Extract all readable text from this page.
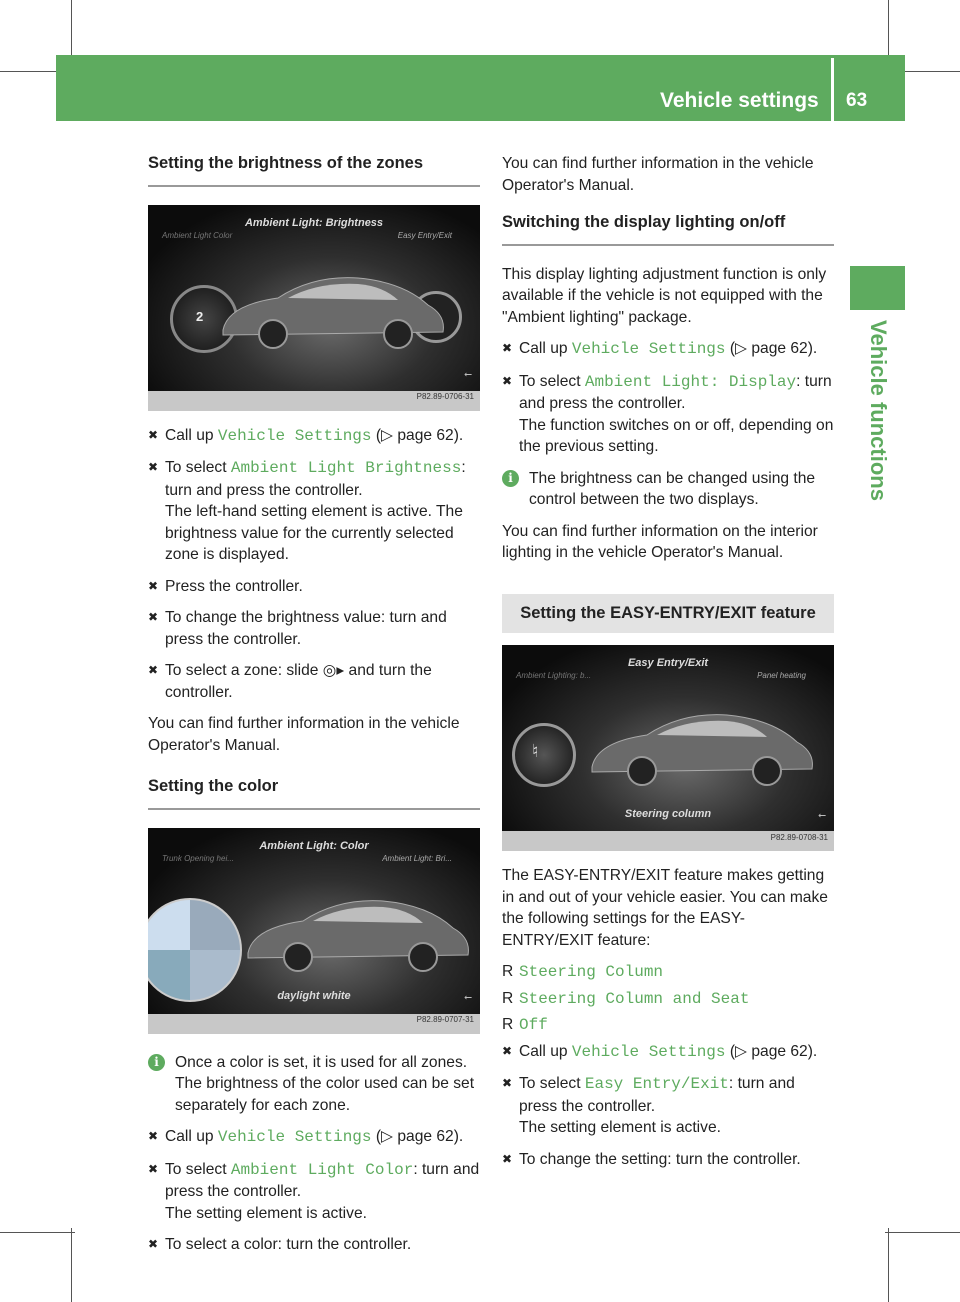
Vehicle settings 63
Vehicle functions
Setting the brightness of the zones
Ambient Light: Brightness
Ambient Light Color	Easy Entry/Exit
2
⭠
P82.89-0706-31
✖ Call up Vehicle Settings (▷ page 62).
✖ To select Ambient Light Brightness:
turn and press the controller.
The left-hand setting element is active. The brightness value for the currently selected zone is displayed.
✖ Press the controller.
✖ To change the brightness value: turn and press the controller.
✖ To select a zone: slide ◎▸ and turn the controller.

You can find further information in the vehicle Operator's Manual.

Setting the color
Ambient Light: Color
Trunk Opening hei...	Ambient Light: Bri...
daylight white	⭠
P82.89-0707-31
i	Once a color is set, it is used for all zones. The brightness of the color used can be set separately for each zone.
✖ Call up Vehicle Settings (▷ page 62).
✖ To select Ambient Light Color: turn and press the controller.
The setting element is active.
✖ To select a color: turn the controller.

You can find further information in the vehicle Operator's Manual.

Switching the display lighting on/off

This display lighting adjustment function is only available if the vehicle is not equipped with the "Ambient lighting" package.

✖ Call up Vehicle Settings (▷ page 62).
✖ To select Ambient Light: Display: turn and press the controller.
The function switches on or off, depending on the previous setting.
i	The brightness can be changed using the control between the two displays.

You can find further information on the interior lighting in the vehicle Operator's Manual.

Setting the EASY-ENTRY/EXIT feature
Easy Entry/Exit
Ambient Lighting: b...	Panel heating
♮
Steering column	⭠
P82.89-0708-31

The EASY-ENTRY/EXIT feature makes getting in and out of your vehicle easier. You can make the following settings for the EASY-ENTRY/EXIT feature:

R Steering Column
R Steering Column and Seat
R Off
✖ Call up Vehicle Settings (▷ page 62).
✖ To select Easy Entry/Exit: turn and press the controller.
The setting element is active.
✖ To change the setting: turn the controller.
